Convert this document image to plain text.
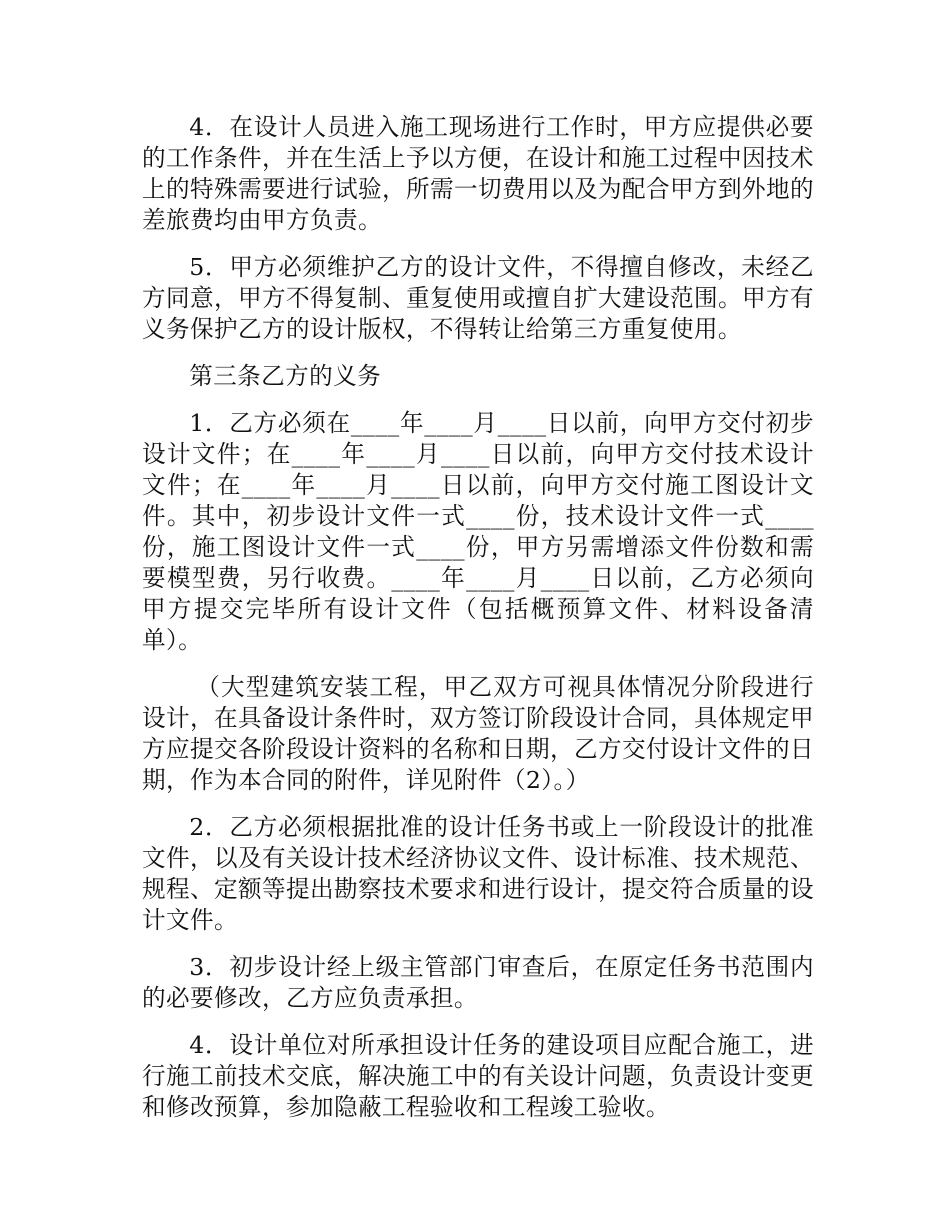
4．在设计人员进入施工现场进行工作时，甲方应提供必要的工作条件，并在生活上予以方便，在设计和施工过程中因技术上的特殊需要进行试验，所需一切费用以及为配合甲方到外地的差旅费均由甲方负责。

5．甲方必须维护乙方的设计文件，不得擅自修改，未经乙方同意，甲方不得复制、重复使用或擅自扩大建设范围。甲方有义务保护乙方的设计版权，不得转让给第三方重复使用。

第三条乙方的义务

1．乙方必须在____年____月____日以前，向甲方交付初步设计文件；在____年____月____日以前，向甲方交付技术设计文件；在____年____月____日以前，向甲方交付施工图设计文件。其中，初步设计文件一式____份，技术设计文件一式____份，施工图设计文件一式____份，甲方另需增添文件份数和需要模型费，另行收费。____年____月____日以前，乙方必须向甲方提交完毕所有设计文件（包括概预算文件、材料设备清单）。

（大型建筑安装工程，甲乙双方可视具体情况分阶段进行设计，在具备设计条件时，双方签订阶段设计合同，具体规定甲方应提交各阶段设计资料的名称和日期，乙方交付设计文件的日期，作为本合同的附件，详见附件（2）。）

2．乙方必须根据批准的设计任务书或上一阶段设计的批准文件，以及有关设计技术经济协议文件、设计标准、技术规范、规程、定额等提出勘察技术要求和进行设计，提交符合质量的设计文件。

3．初步设计经上级主管部门审查后，在原定任务书范围内的必要修改，乙方应负责承担。

4．设计单位对所承担设计任务的建设项目应配合施工，进行施工前技术交底，解决施工中的有关设计问题，负责设计变更和修改预算，参加隐蔽工程验收和工程竣工验收。
